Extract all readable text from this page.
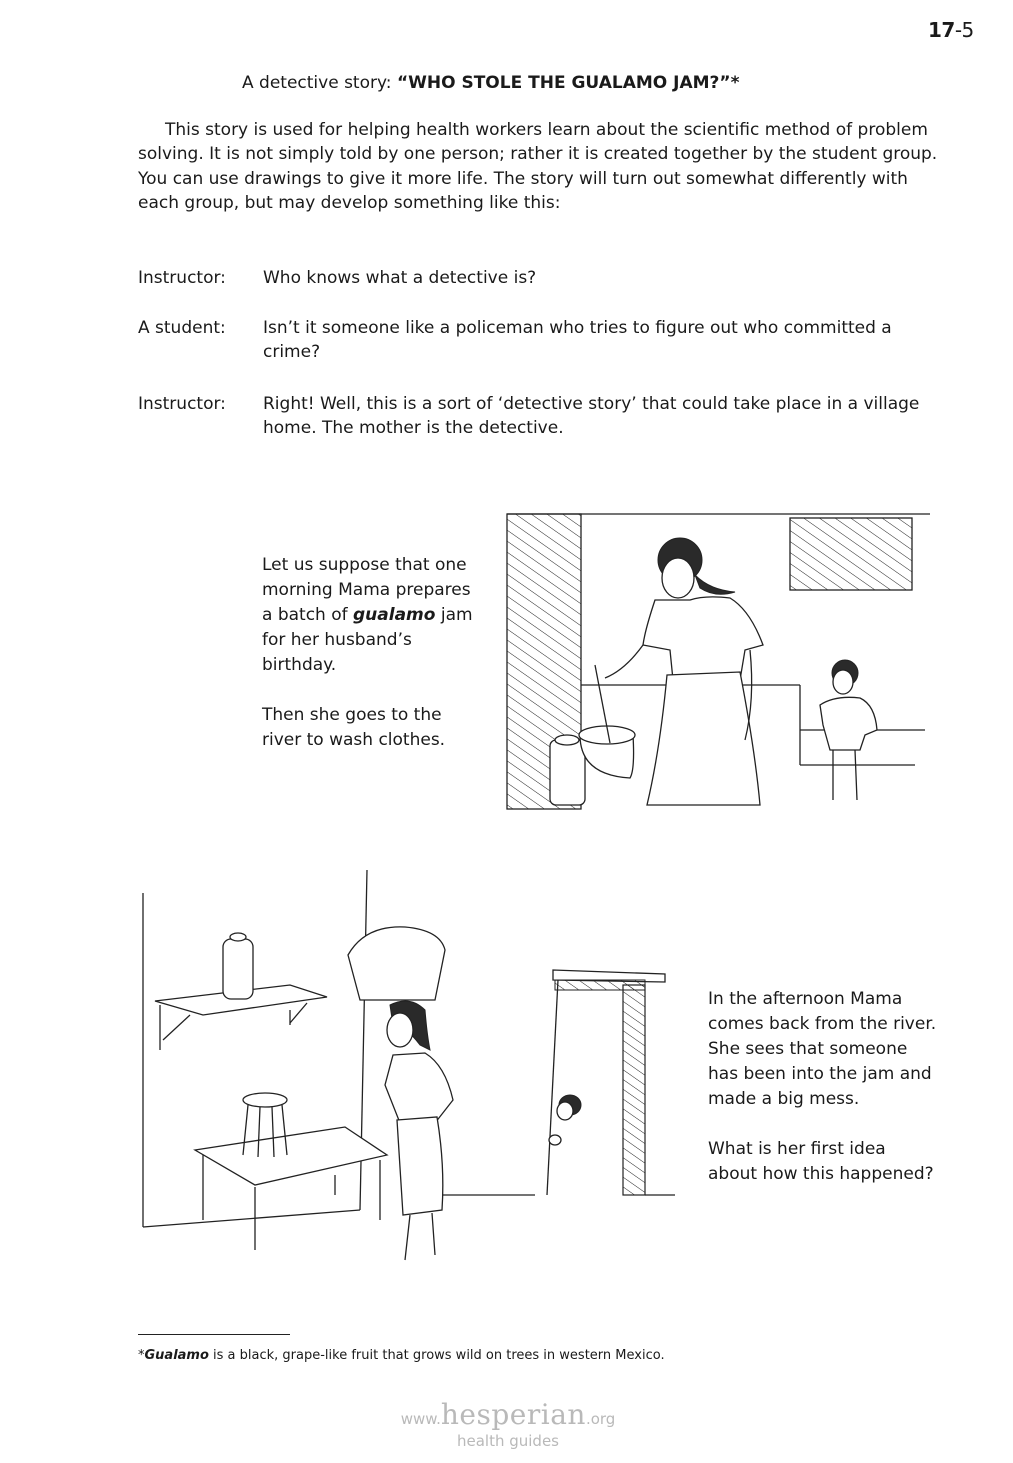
17-5
A detective story: “WHO STOLE THE GUALAMO JAM?”*

This story is used for helping health workers learn about the scientific method of problem solving. It is not simply told by one person; rather it is created together by the student group. You can use drawings to give it more life. The story will turn out somewhat differently with each group, but may develop something like this:

Instructor:	Who knows what a detective is?
A student:	Isn’t it someone like a policeman who tries to figure out who committed a crime?
Instructor:	Right! Well, this is a sort of ‘detective story’ that could take place in a village home. The mother is the detective.

Let us suppose that one morning Mama prepares a batch of gualamo jam for her husband’s birthday.

Then she goes to the river to wash clothes.

In the afternoon Mama comes back from the river. She sees that someone has been into the jam and made a big mess.

What is her first idea about how this happened?

*Gualamo is a black, grape-like fruit that grows wild on trees in western Mexico.
www.hesperian.org
health guides
